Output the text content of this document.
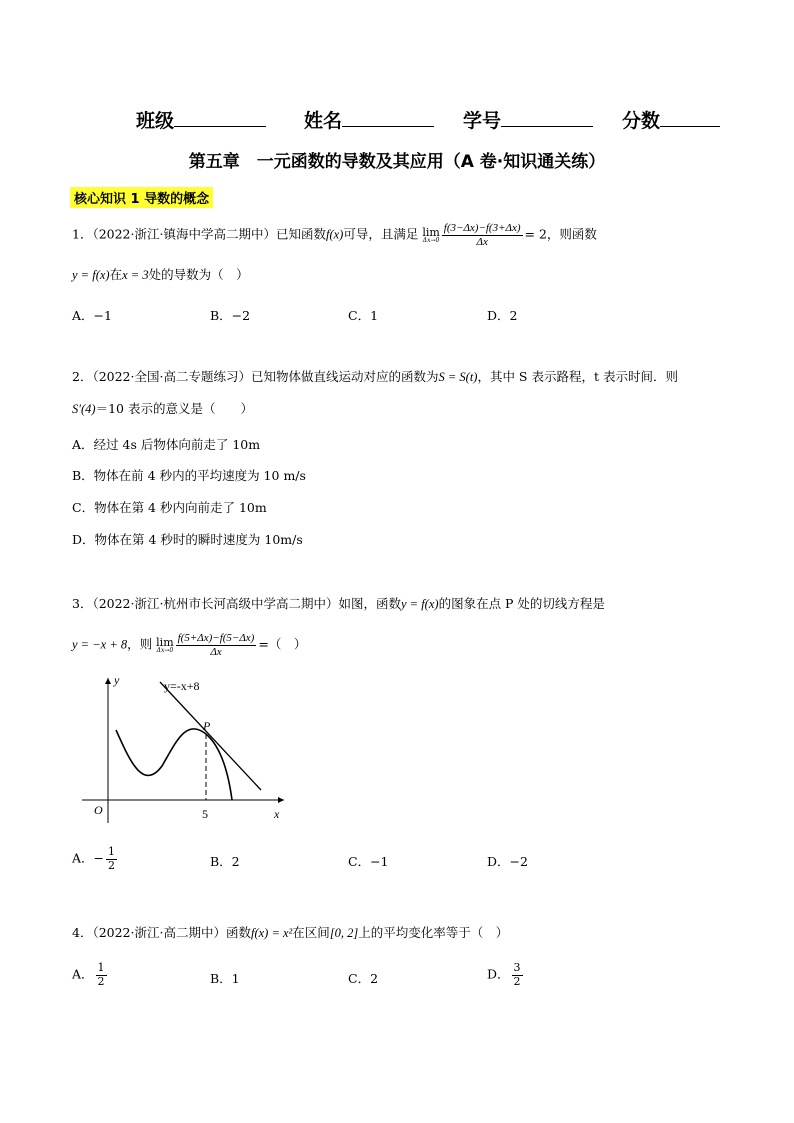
班级	姓名	学号	分数
第五章　一元函数的导数及其应用（A 卷·知识通关练）
核心知识 1 导数的概念
1．（2022·浙江·镇海中学高二期中）已知函数f(x)可导，且满足 lim
$\Delta x\to 0 \frac{f(3-\Delta x)-f(3+\Delta x)}{\Delta x} = 2$，则函数
y = f(x)在x = 3处的导数为（　）
A．−1	B．−2	C．1	D．2
2．（2022·全国·高二专题练习）已知物体做直线运动对应的函数为S = S(t)，其中 S 表示路程，t 表示时间．则
S′(4)＝10 表示的意义是（　　）
A．经过 4s 后物体向前走了 10m
B．物体在前 4 秒内的平均速度为 10 m/s
C．物体在第 4 秒内向前走了 10m
D．物体在第 4 秒时的瞬时速度为 10m/s
3．（2022·浙江·杭州市长河高级中学高二期中）如图，函数y = f(x)的图象在点 P 处的切线方程是
y = −x + 8，则 lim
$\Delta x\to 0 \frac{f(5+\Delta x)-f(5-\Delta x)}{\Delta x}$ =（　）
y
x
O	5
y=-x+8
P
A．− $\frac{1}{2}$	B．2	C．−1	D．−2
4．（2022·浙江·高二期中）函数f(x) = x²在区间[0, 2]上的平均变化率等于（　）
A． $\frac{1}{2}$	B．1	C．2	D． $\frac{3}{2}$
